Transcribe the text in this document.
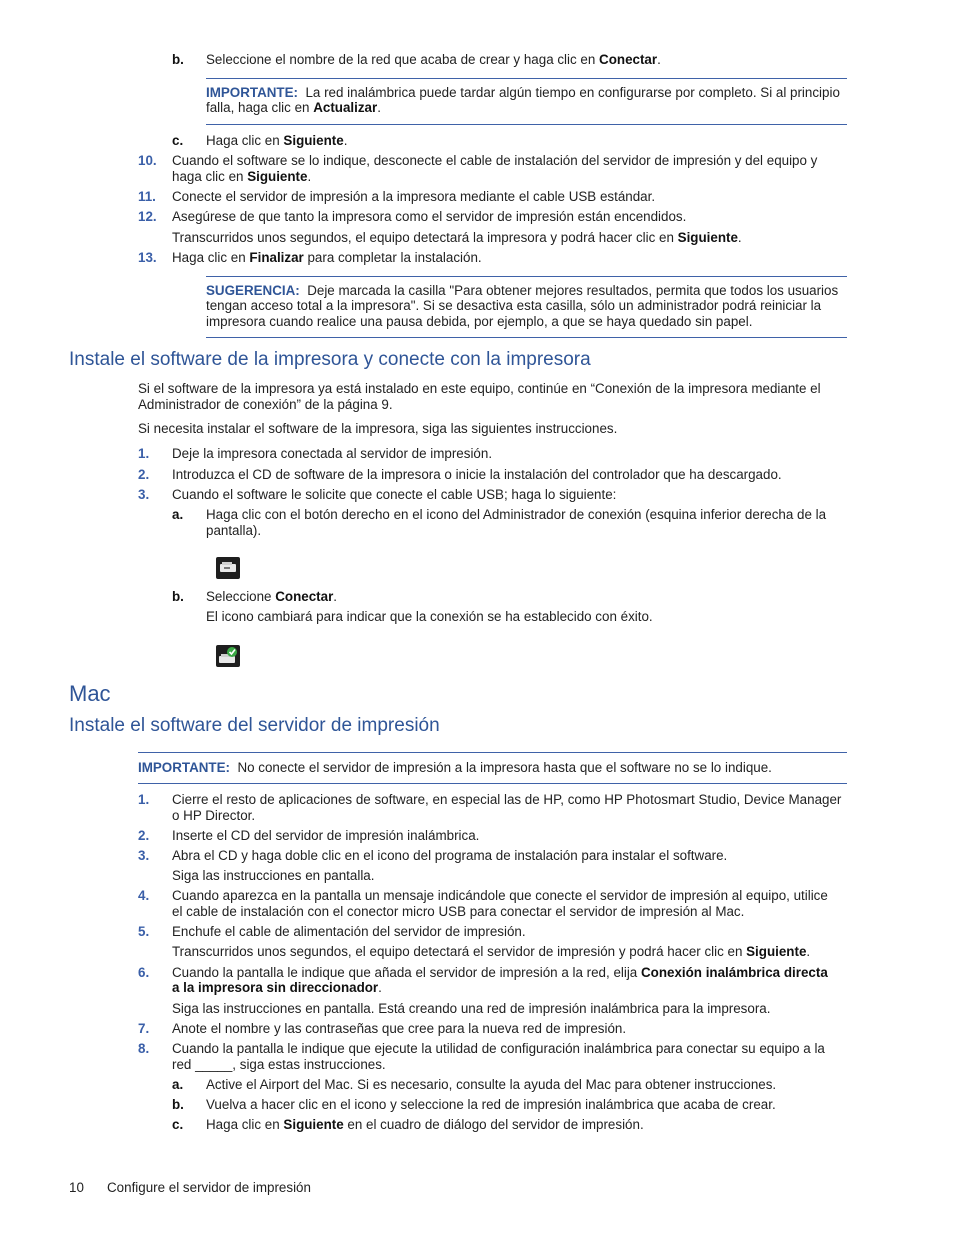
b. Seleccione el nombre de la red que acaba de crear y haga clic en Conectar.
IMPORTANTE: La red inalámbrica puede tardar algún tiempo en configurarse por completo. Si al principio
falla, haga clic en Actualizar.
c. Haga clic en Siguiente.
10. Cuando el software se lo indique, desconecte el cable de instalación del servidor de impresión y del equipo y
haga clic en Siguiente.
11. Conecte el servidor de impresión a la impresora mediante el cable USB estándar.
12. Asegúrese de que tanto la impresora como el servidor de impresión están encendidos.
Transcurridos unos segundos, el equipo detectará la impresora y podrá hacer clic en Siguiente.
13. Haga clic en Finalizar para completar la instalación.
SUGERENCIA: Deje marcada la casilla "Para obtener mejores resultados, permita que todos los usuarios
tengan acceso total a la impresora". Si se desactiva esta casilla, sólo un administrador podrá reiniciar la
impresora cuando realice una pausa debida, por ejemplo, a que se haya quedado sin papel.
Instale el software de la impresora y conecte con la impresora
Si el software de la impresora ya está instalado en este equipo, continúe en “Conexión de la impresora mediante el
Administrador de conexión” de la página 9.
Si necesita instalar el software de la impresora, siga las siguientes instrucciones.
1. Deje la impresora conectada al servidor de impresión.
2. Introduzca el CD de software de la impresora o inicie la instalación del controlador que ha descargado.
3. Cuando el software le solicite que conecte el cable USB; haga lo siguiente:
a. Haga clic con el botón derecho en el icono del Administrador de conexión (esquina inferior derecha de la
pantalla).
b. Seleccione Conectar.
El icono cambiará para indicar que la conexión se ha establecido con éxito.
Mac
Instale el software del servidor de impresión
IMPORTANTE: No conecte el servidor de impresión a la impresora hasta que el software no se lo indique.
1. Cierre el resto de aplicaciones de software, en especial las de HP, como HP Photosmart Studio, Device Manager
o HP Director.
2. Inserte el CD del servidor de impresión inalámbrica.
3. Abra el CD y haga doble clic en el icono del programa de instalación para instalar el software.
Siga las instrucciones en pantalla.
4. Cuando aparezca en la pantalla un mensaje indicándole que conecte el servidor de impresión al equipo, utilice
el cable de instalación con el conector micro USB para conectar el servidor de impresión al Mac.
5. Enchufe el cable de alimentación del servidor de impresión.
Transcurridos unos segundos, el equipo detectará el servidor de impresión y podrá hacer clic en Siguiente.
6. Cuando la pantalla le indique que añada el servidor de impresión a la red, elija Conexión inalámbrica directa
a la impresora sin direccionador.
Siga las instrucciones en pantalla. Está creando una red de impresión inalámbrica para la impresora.
7. Anote el nombre y las contraseñas que cree para la nueva red de impresión.
8. Cuando la pantalla le indique que ejecute la utilidad de configuración inalámbrica para conectar su equipo a la
red _____, siga estas instrucciones.
a. Active el Airport del Mac. Si es necesario, consulte la ayuda del Mac para obtener instrucciones.
b. Vuelva a hacer clic en el icono y seleccione la red de impresión inalámbrica que acaba de crear.
c. Haga clic en Siguiente en el cuadro de diálogo del servidor de impresión.
10 Configure el servidor de impresión
